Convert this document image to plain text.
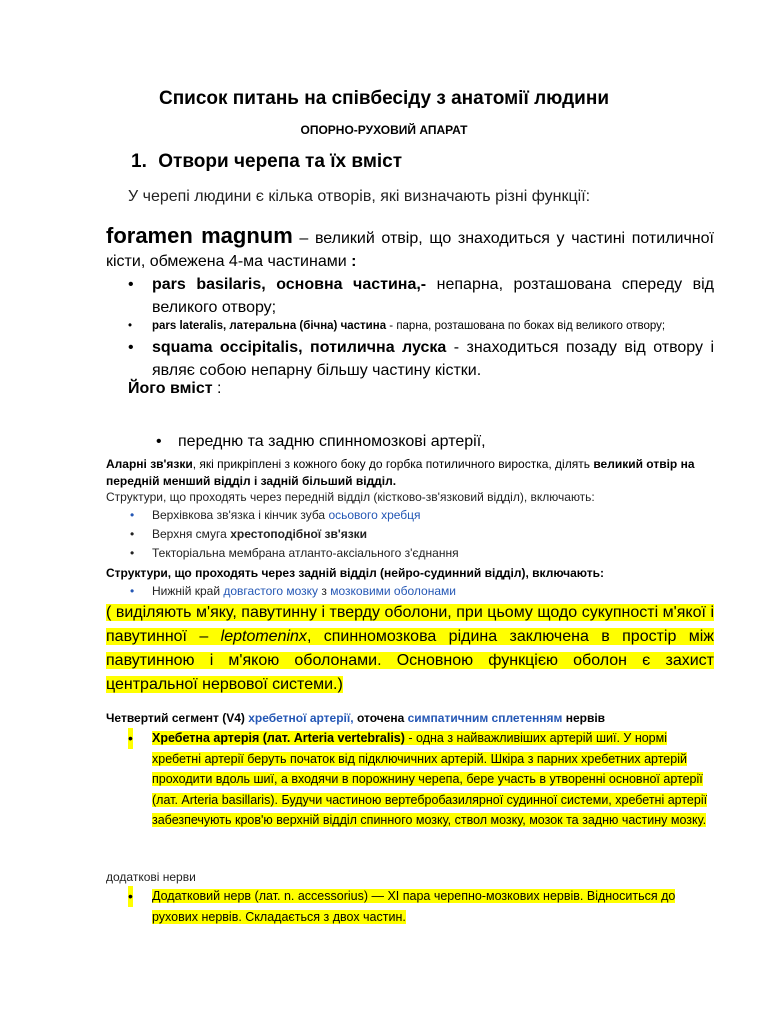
Список питань на співбесіду з анатомії людини
ОПОРНО-РУХОВИЙ АПАРАТ
1. Отвори черепа та їх вміст
У черепі людини є кілька отворів, які визначають різні функції:
foramen magnum – великий отвір, що знаходиться у частині потиличної кісти, обмежена 4-ма частинами :
• pars basilaris, основна частина,- непарна, розташована спереду від великого отвору;
• pars lateralis, латеральна (бічна) частина - парна, розташована по боках від великого отвору;
• squama occipitalis, потилична луска - знаходиться позаду від отвору і являє собою непарну більшу частину кістки.
Його вміст :
• передню та задню спинномозкові артерії,
Аларні зв'язки, які прикріплені з кожного боку до горбка потиличного виростка, ділять великий отвір на передній менший відділ і задній більший відділ.
Структури, що проходять через передній відділ (кістково-зв'язковий відділ), включають:
• Верхівкова зв'язка і кінчик зуба осьового хребця
• Верхня смуга хрестоподібної зв'язки
• Текторіальна мембрана атланто-аксіального з'єднання
Структури, що проходять через задній відділ (нейро-судинний відділ), включають:
• Нижній край довгастого мозку з мозковими оболонами
( виділяють м'яку, павутинну і тверду оболони, при цьому щодо сукупності м'якої і павутинної – leptomeninx, спинномозкова рідина заключена в простір між павутинною і м'якою оболонами. Основною функцією оболон є захист центральної нервової системи.)
Четвертий сегмент (V4) хребетної артерії, оточена симпатичним сплетенням нервів
• Хребетна артерія (лат. Arteria vertebralis) - одна з найважливіших артерій шиї. У нормі хребетні артерії беруть початок від підключичних артерій. Шкіра з парних хребетних артерій проходити вдоль шиї, а входячи в порожнину черепа, бере участь в утворенні основної артерії (лат. Arteria basillaris). Будучи частиною вертебробазилярної судинної системи, хребетні артерії забезпечують кров'ю верхній відділ спинного мозку, ствол мозку, мозок та задню частину мозку.
додаткові нерви
• Додатковий нерв (лат. n. accessorius) — XI пара черепно-мозкових нервів. Відноситься до рухових нервів. Складається з двох частин.
